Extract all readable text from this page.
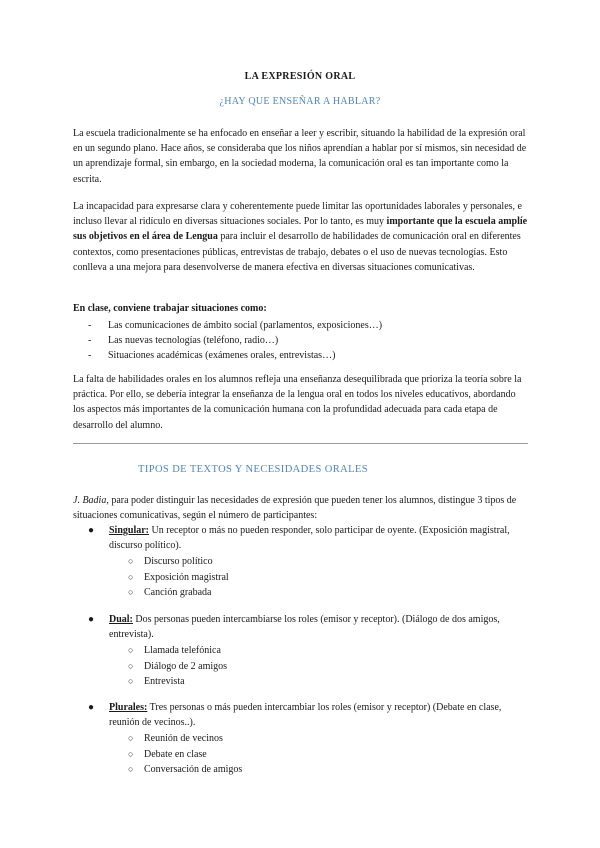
LA EXPRESIÓN ORAL
¿HAY QUE ENSEÑAR A HABLAR?
La escuela tradicionalmente se ha enfocado en enseñar a leer y escribir, situando la habilidad de la expresión oral en un segundo plano. Hace años, se consideraba que los niños aprendían a hablar por sí mismos, sin necesidad de un aprendizaje formal, sin embargo, en la sociedad moderna, la comunicación oral es tan importante como la escrita.
La incapacidad para expresarse clara y coherentemente puede limitar las oportunidades laborales y personales, e incluso llevar al ridículo en diversas situaciones sociales. Por lo tanto, es muy importante que la escuela amplíe sus objetivos en el área de Lengua para incluir el desarrollo de habilidades de comunicación oral en diferentes contextos, como presentaciones públicas, entrevistas de trabajo, debates o el uso de nuevas tecnologías. Esto conlleva a una mejora para desenvolverse de manera efectiva en diversas situaciones comunicativas.
En clase, conviene trabajar situaciones como:
- Las comunicaciones de ámbito social (parlamentos, exposiciones…)
- Las nuevas tecnologías (teléfono, radio…)
- Situaciones académicas (exámenes orales, entrevistas…)
La falta de habilidades orales en los alumnos refleja una enseñanza desequilibrada que prioriza la teoría sobre la práctica. Por ello, se debería integrar la enseñanza de la lengua oral en todos los niveles educativos, abordando los aspectos más importantes de la comunicación humana con la profundidad adecuada para cada etapa de desarrollo del alumno.
TIPOS DE TEXTOS Y NECESIDADES ORALES
J. Badia, para poder distinguir las necesidades de expresión que pueden tener los alumnos, distingue 3 tipos de situaciones comunicativas, según el número de participantes:
● Singular: Un receptor o más no pueden responder, solo participar de oyente. (Exposición magistral, discurso político).
○ Discurso político
○ Exposición magistral
○ Canción grabada
● Dual: Dos personas pueden intercambiarse los roles (emisor y receptor). (Diálogo de dos amigos, entrevista).
○ Llamada telefónica
○ Diálogo de 2 amigos
○ Entrevista
● Plurales: Tres personas o más pueden intercambiar los roles (emisor y receptor) (Debate en clase, reunión de vecinos..).
○ Reunión de vecinos
○ Debate en clase
○ Conversación de amigos
